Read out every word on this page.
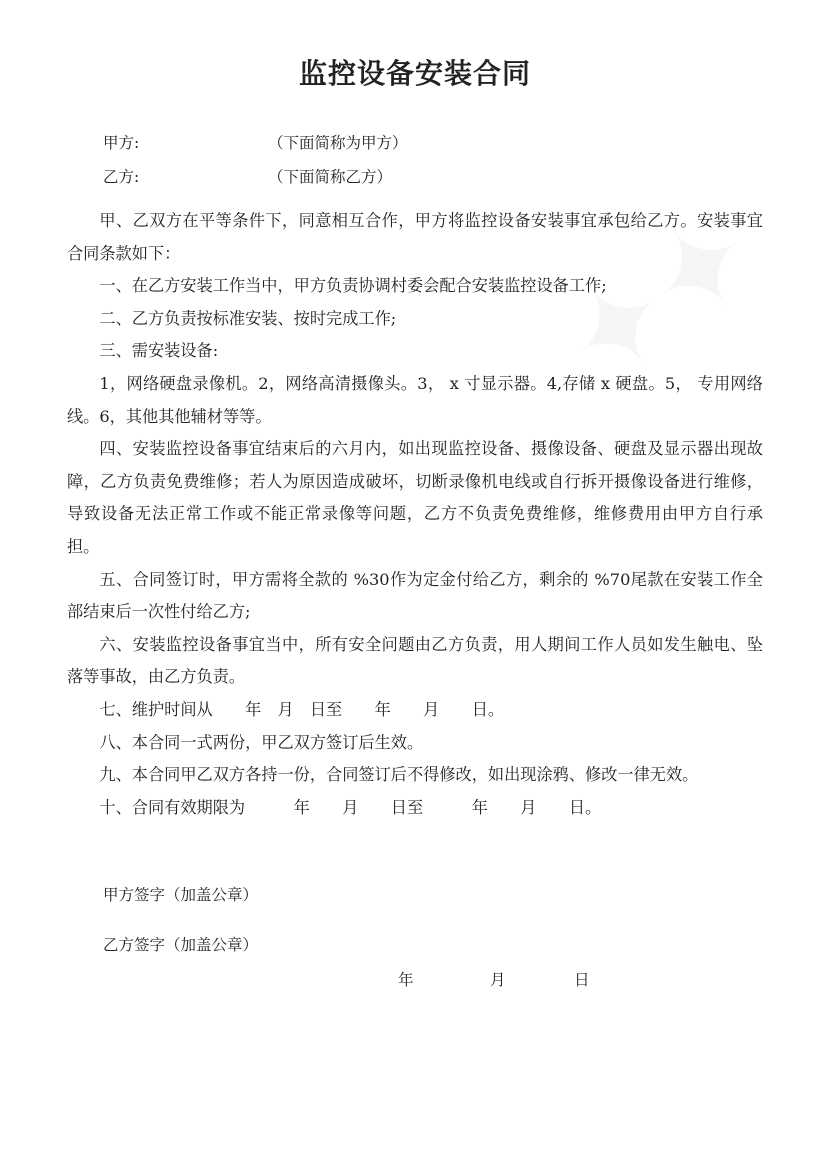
监控设备安装合同
甲方:	（下面简称为甲方）
乙方:	（下面简称乙方）

甲、乙双方在平等条件下，同意相互合作，甲方将监控设备安装事宜承包给乙方。安装事宜合同条款如下：

一、在乙方安装工作当中，甲方负责协调村委会配合安装监控设备工作;

二、乙方负责按标准安装、按时完成工作;

三、需安装设备:

1，网络硬盘录像机。2，网络高清摄像头。3， x 寸显示器。4,存储 x 硬盘。5， 专用网络线。6，其他其他辅材等等。

四、安装监控设备事宜结束后的六月内，如出现监控设备、摄像设备、硬盘及显示器出现故障，乙方负责免费维修；若人为原因造成破坏，切断录像机电线或自行拆开摄像设备进行维修，导致设备无法正常工作或不能正常录像等问题，乙方不负责免费维修，维修费用由甲方自行承担。

五、合同签订时，甲方需将全款的 %30作为定金付给乙方，剩余的 %70尾款在安装工作全部结束后一次性付给乙方;

六、安装监控设备事宜当中，所有安全问题由乙方负责，用人期间工作人员如发生触电、坠落等事故，由乙方负责。

七、维护时间从　　年　月　日至　　年　　月　　日。

八、本合同一式两份，甲乙双方签订后生效。

九、本合同甲乙双方各持一份，合同签订后不得修改，如出现涂鸦、修改一律无效。

十、合同有效期限为　　　年　　月　　日至　　　年　　月　　日。

甲方签字（加盖公章）
乙方签字（加盖公章）
年	月	日
